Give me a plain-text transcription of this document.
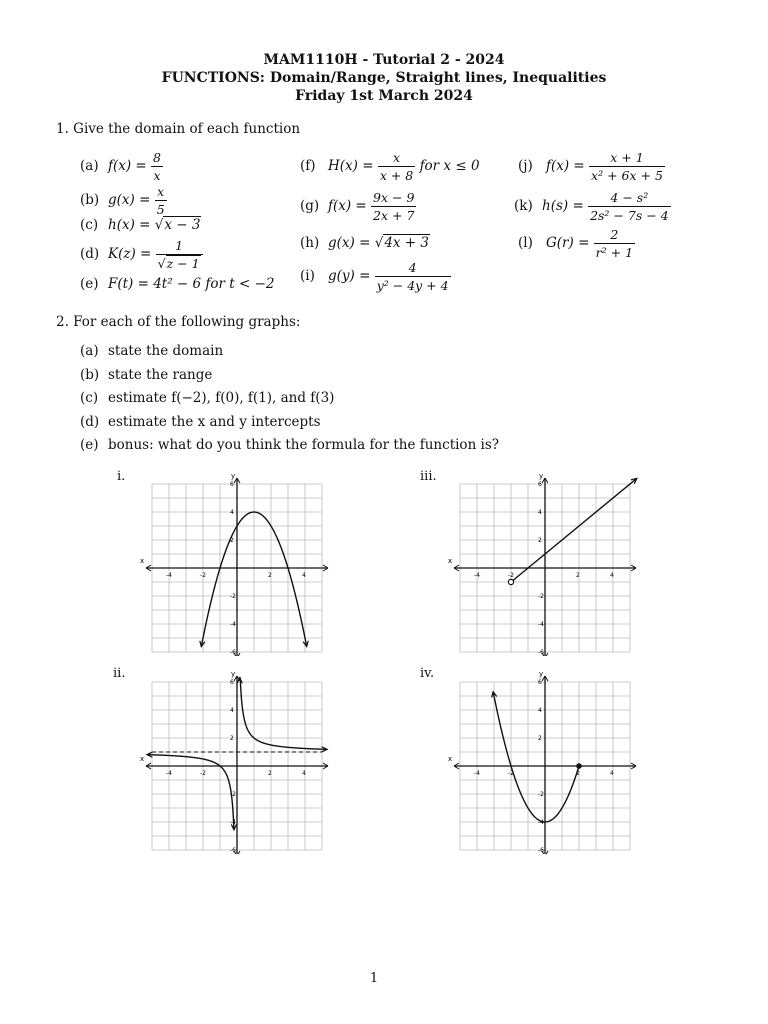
MAM1110H - Tutorial 2 - 2024
FUNCTIONS: Domain/Range, Straight lines, Inequalities
Friday 1st March 2024
1. Give the domain of each function
(a) $f(x) = \frac{8}{x}$
(b) $g(x) = \frac{x}{5}$
(c) h(x) = √x − 3
(d) $K(z) = \frac{1}{√z - 1}$
(e) F(t) = 4t² − 6 for t < −2
(f) $H(x) = \frac{x}{x + 8}$ for x ≤ 0
(g) $f(x) = \frac{9x - 9}{2x + 7}$
(h) g(x) = √4x + 3
(i) $g(y) = \frac{4}{\text{y² − 4y + 4}}$
(j) $f(x) = \frac{x + 1}{\text{x² + 6x + 5}}$
(k) $h(s) = \frac{\text{4 − s²}}{\text{2s² − 7s − 4}}$
(l) $G(r) = \frac{2}{\text{r² + 1}}$
2. For each of the following graphs:
(a) state the domain
(b) state the range
(c) estimate f(−2), f(0), f(1), and f(3)
(d) estimate the x and y intercepts
(e) bonus: what do you think the formula for the function is?
i.
ii.
iii.
iv.
x
y
-4	-2	2	4
6
4
2
-2
-4
-6
x
y
-4	-2	2	4
6
4
2
-2
-4
-6
x
y
-4	-2	2	4
6
4
2
-2
-4
-6
x
y
-4	-2	2	4
6
4
2
-2
-4
-6
1
